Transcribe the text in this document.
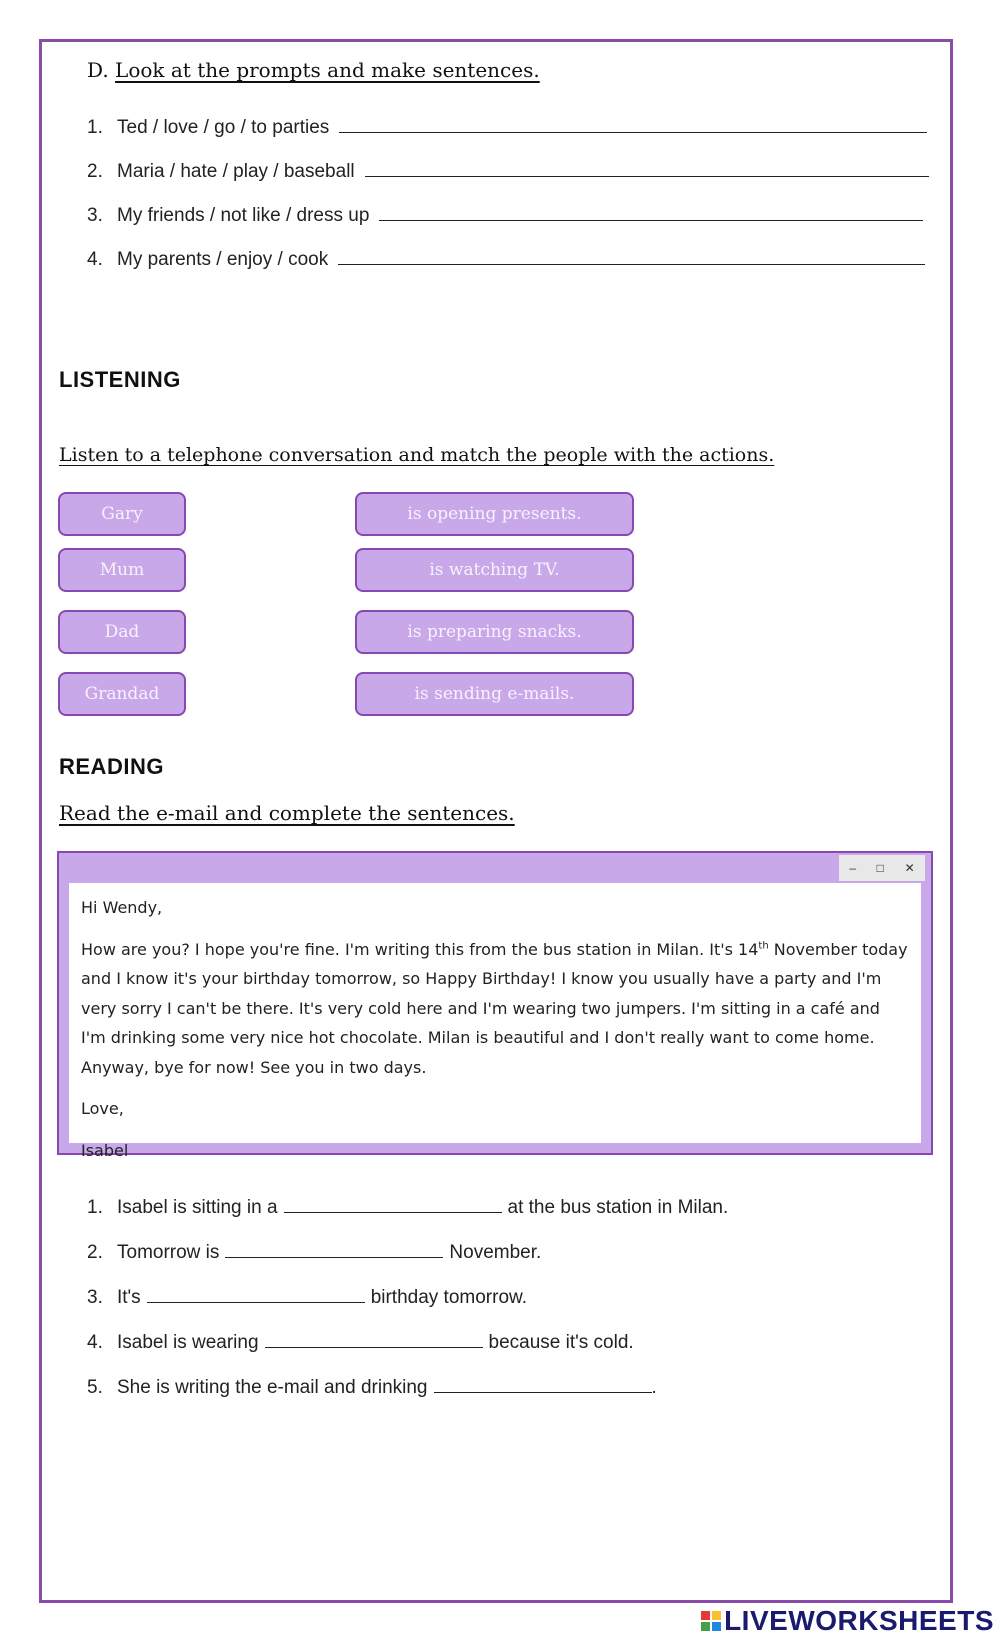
D. Look at the prompts and make sentences.
1. Ted / love / go / to parties
2. Maria / hate / play / baseball
3. My friends / not like / dress up
4. My parents / enjoy / cook
LISTENING
Listen to a telephone conversation and match the people with the actions.
Gary
Mum
Dad
Grandad
is opening presents.
is watching TV.
is preparing snacks.
is sending e-mails.
READING
Read the e-mail and complete the sentences.
– □ ✕

Hi Wendy,

How are you? I hope you're fine. I'm writing this from the bus station in Milan. It's 14th November today and I know it's your birthday tomorrow, so Happy Birthday! I know you usually have a party and I'm very sorry I can't be there. It's very cold here and I'm wearing two jumpers. I'm sitting in a café and I'm drinking some very nice hot chocolate. Milan is beautiful and I don't really want to come home. Anyway, bye for now! See you in two days.

Love,

Isabel

1. Isabel is sitting in a	at the bus station in Milan.
2. Tomorrow is	November.
3. It's	birthday tomorrow.
4. Isabel is wearing	because it's cold.
5. She is writing the e-mail and drinking	.
LIVEWORKSHEETS
